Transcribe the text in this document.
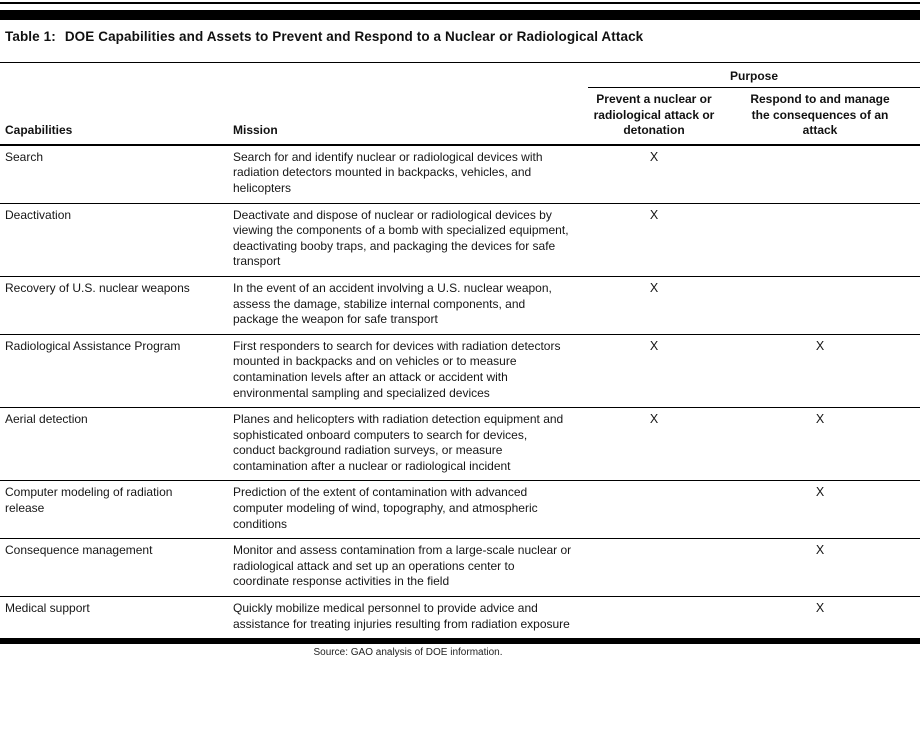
Table 1: DOE Capabilities and Assets to Prevent and Respond to a Nuclear or Radiological Attack
		Purpose	
Capabilities	Mission	Prevent a nuclear or radiological attack or detonation	Respond to and manage the consequences of an attack
Search	Search for and identify nuclear or radiological devices with radiation detectors mounted in backpacks, vehicles, and helicopters	X	
Deactivation	Deactivate and dispose of nuclear or radiological devices by viewing the components of a bomb with specialized equipment, deactivating booby traps, and packaging the devices for safe transport	X	
Recovery of U.S. nuclear weapons	In the event of an accident involving a U.S. nuclear weapon, assess the damage, stabilize internal components, and package the weapon for safe transport	X	
Radiological Assistance Program	First responders to search for devices with radiation detectors mounted in backpacks and on vehicles or to measure contamination levels after an attack or accident with environmental sampling and specialized devices	X	X
Aerial detection	Planes and helicopters with radiation detection equipment and sophisticated onboard computers to search for devices, conduct background radiation surveys, or measure contamination after a nuclear or radiological incident	X	X
Computer modeling of radiation release	Prediction of the extent of contamination with advanced computer modeling of wind, topography, and atmospheric conditions		X
Consequence management	Monitor and assess contamination from a large-scale nuclear or radiological attack and set up an operations center to coordinate response activities in the field		X
Medical support	Quickly mobilize medical personnel to provide advice and assistance for treating injuries resulting from radiation exposure		X
Source: GAO analysis of DOE information.
